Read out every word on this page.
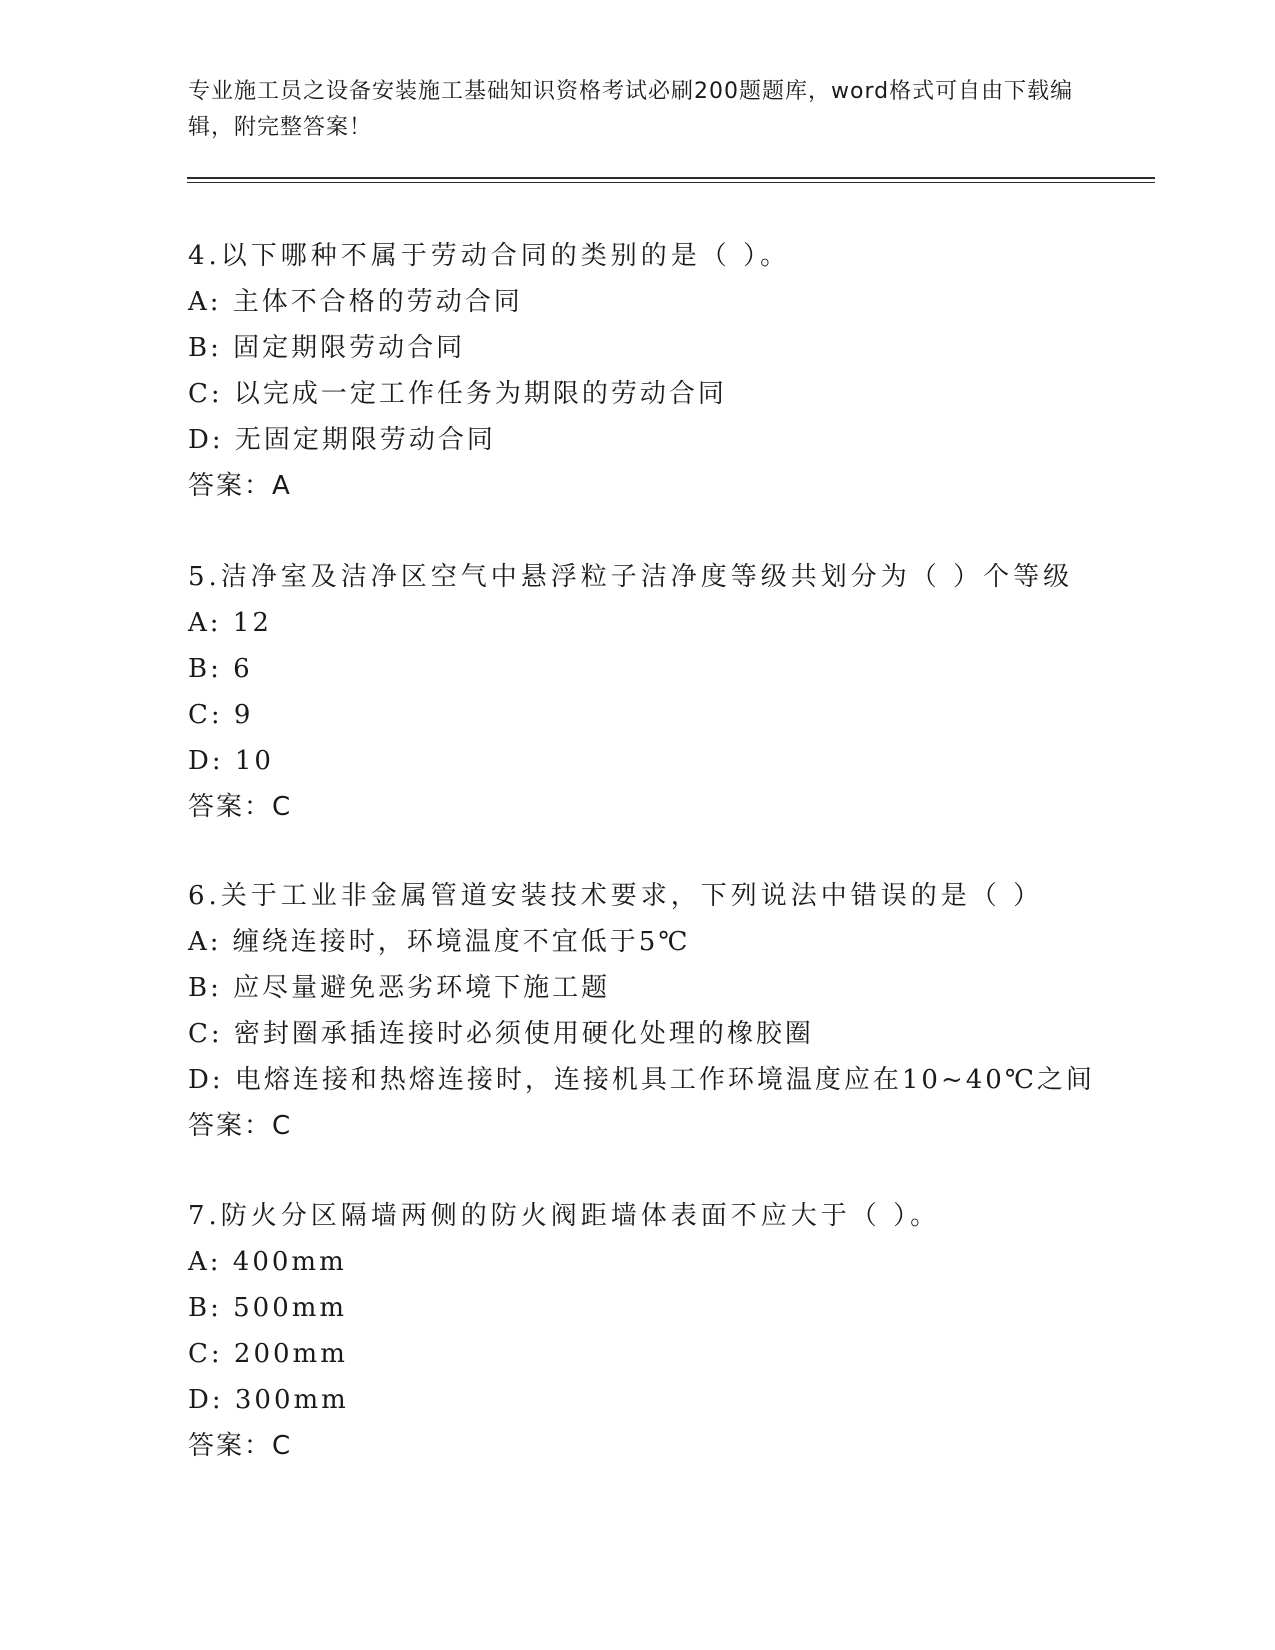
专业施工员之设备安装施工基础知识资格考试必刷200题题库，word格式可自由下载编辑，附完整答案！

4.以下哪种不属于劳动合同的类别的是（ ）。
A: 主体不合格的劳动合同
B: 固定期限劳动合同
C: 以完成一定工作任务为期限的劳动合同
D: 无固定期限劳动合同
答案：A
5.洁净室及洁净区空气中悬浮粒子洁净度等级共划分为（ ）个等级
A: 12
B: 6
C: 9
D: 10
答案：C
6.关于工业非金属管道安装技术要求，下列说法中错误的是（ ）
A: 缠绕连接时，环境温度不宜低于5℃
B: 应尽量避免恶劣环境下施工题
C: 密封圈承插连接时必须使用硬化处理的橡胶圈
D: 电熔连接和热熔连接时，连接机具工作环境温度应在10~40℃之间
答案：C
7.防火分区隔墙两侧的防火阀距墙体表面不应大于（ ）。
A: 400mm
B: 500mm
C: 200mm
D: 300mm
答案：C
